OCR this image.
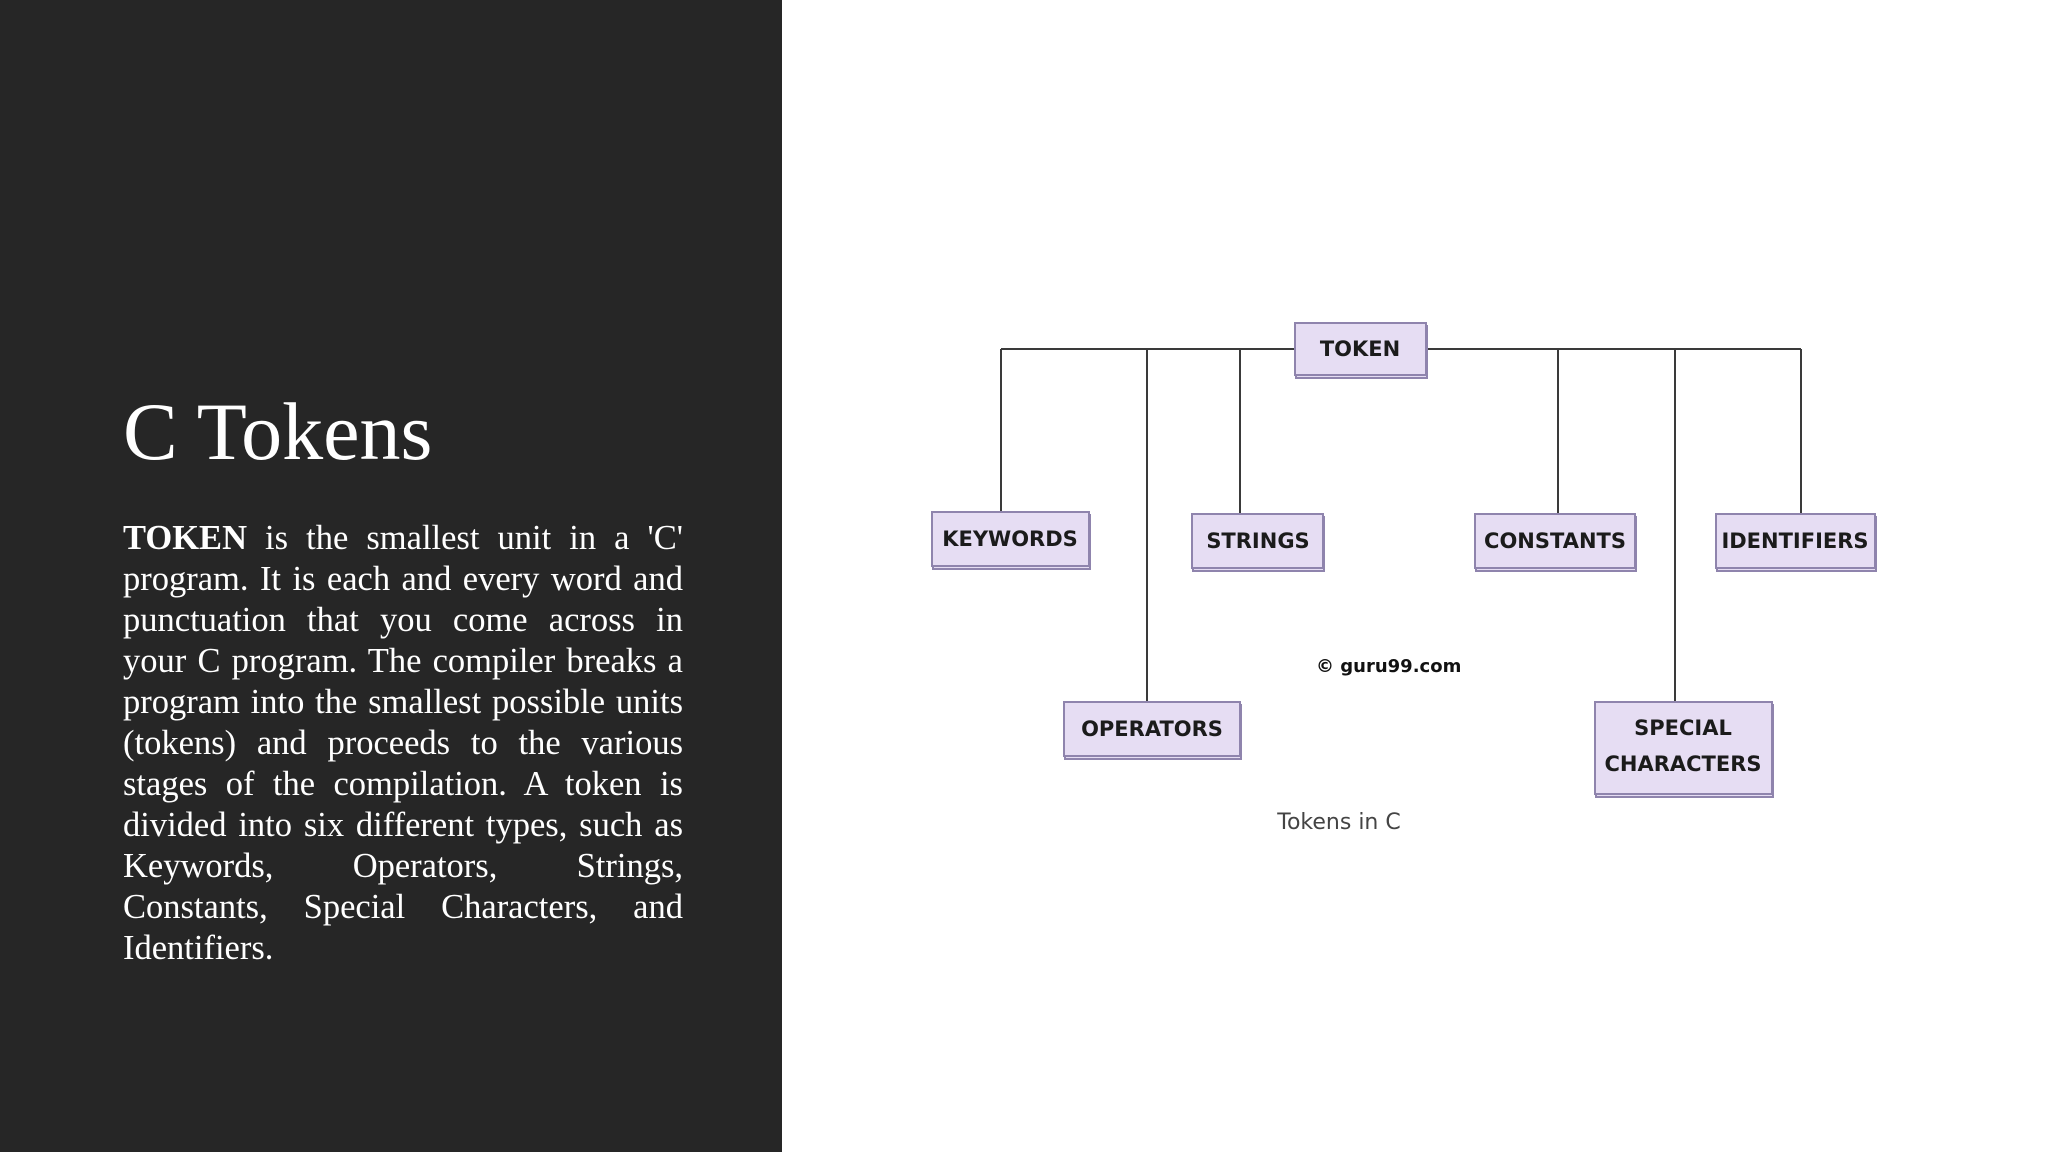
C Tokens

TOKEN is the smallest unit in a 'C' program. It is each and every word and punctuation that you come across in your C program. The compiler breaks a program into the smallest possible units (tokens) and proceeds to the various stages of the compilation. A token is divided into six different types, such as Keywords, Operators, Strings, Constants, Special Characters, and Identifiers.

TOKEN
KEYWORDS	STRINGS	CONSTANTS	IDENTIFIERS
OPERATORS	SPECIAL
CHARACTERS
© guru99.com
Tokens in C
